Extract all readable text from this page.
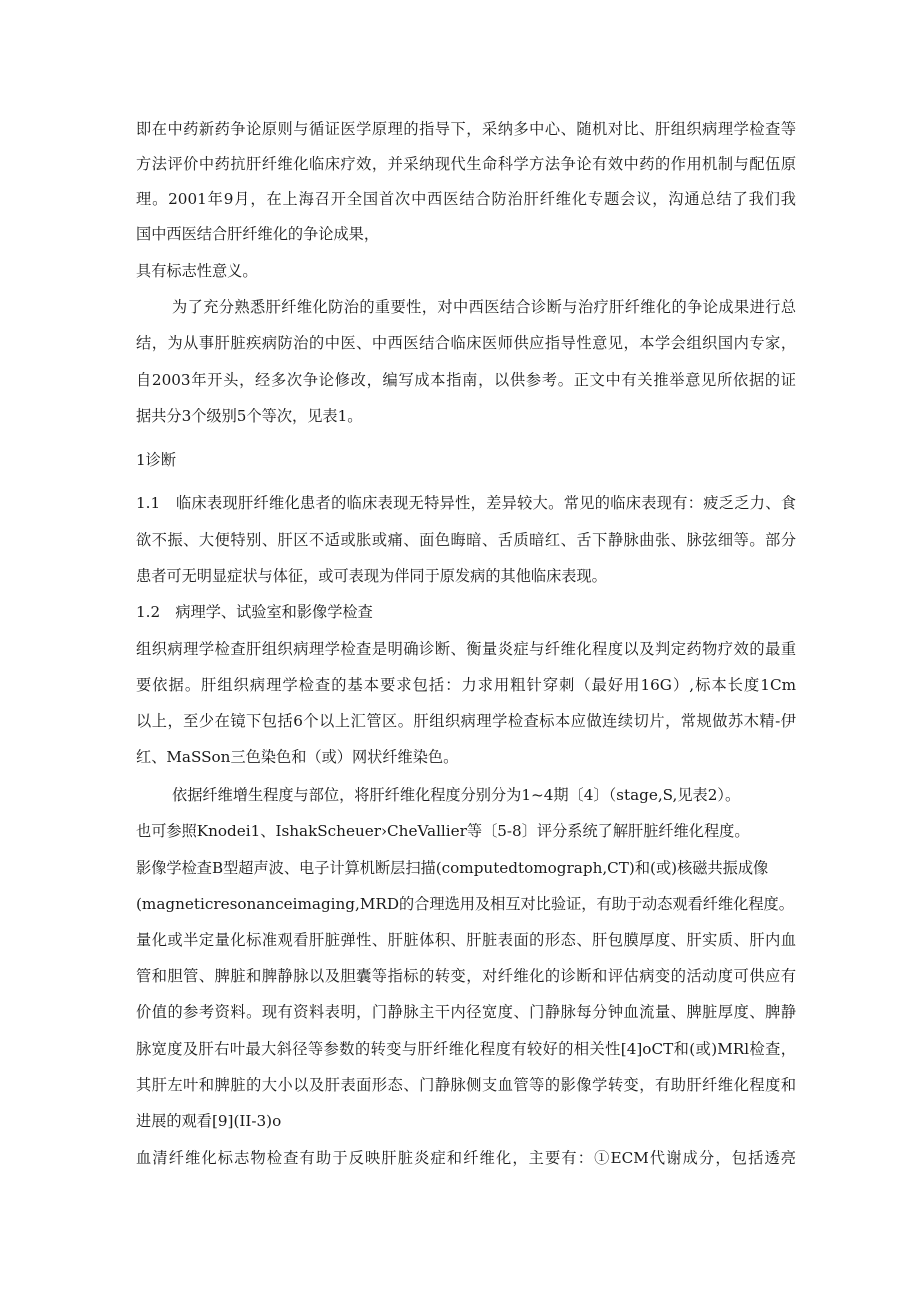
即在中药新药争论原则与循证医学原理的指导下，采纳多中心、随机对比、肝组织病理学检查等
方法评价中药抗肝纤维化临床疗效，并采纳现代生命科学方法争论有效中药的作用机制与配伍原
理。2001年9月，在上海召开全国首次中西医结合防治肝纤维化专题会议，沟通总结了我们我
国中西医结合肝纤维化的争论成果，
具有标志性意义。
为了充分熟悉肝纤维化防治的重要性，对中西医结合诊断与治疗肝纤维化的争论成果进行总
结，为从事肝脏疾病防治的中医、中西医结合临床医师供应指导性意见，本学会组织国内专家，
自2003年开头，经多次争论修改，编写成本指南，以供参考。正文中有关推举意见所依据的证
据共分3个级别5个等次，见表1。
1诊断
1.1　临床表现肝纤维化患者的临床表现无特异性，差异较大。常见的临床表现有：疲乏乏力、食
欲不振、大便特别、肝区不适或胀或痛、面色晦暗、舌质暗红、舌下静脉曲张、脉弦细等。部分
患者可无明显症状与体征，或可表现为伴同于原发病的其他临床表现。
1.2　病理学、试验室和影像学检查
组织病理学检查肝组织病理学检查是明确诊断、衡量炎症与纤维化程度以及判定药物疗效的最重
要依据。肝组织病理学检查的基本要求包括：力求用粗针穿刺（最好用16G）,标本长度1Cm
以上，至少在镜下包括6个以上汇管区。肝组织病理学检查标本应做连续切片，常规做苏木精-伊
红、MaSSon三色染色和（或）网状纤维染色。
依据纤维增生程度与部位，将肝纤维化程度分别分为1~4期〔4〕（stage,S,见表2）。
也可参照Knodei1、IshakScheuer›CheVallier等〔5-8〕评分系统了解肝脏纤维化程度。
影像学检查B型超声波、电子计算机断层扫描(computedtomograph,CT)和(或)核磁共振成像
(magneticresonanceimaging,MRD的合理选用及相互对比验证，有助于动态观看纤维化程度。
量化或半定量化标准观看肝脏弹性、肝脏体积、肝脏表面的形态、肝包膜厚度、肝实质、肝内血
管和胆管、脾脏和脾静脉以及胆囊等指标的转变，对纤维化的诊断和评估病变的活动度可供应有
价值的参考资料。现有资料表明，门静脉主干内径宽度、门静脉每分钟血流量、脾脏厚度、脾静
脉宽度及肝右叶最大斜径等参数的转变与肝纤维化程度有较好的相关性[4]oCT和(或)MRl检查，
其肝左叶和脾脏的大小以及肝表面形态、门静脉侧支血管等的影像学转变，有助肝纤维化程度和
进展的观看[9](II-3)o
血清纤维化标志物检查有助于反映肝脏炎症和纤维化，主要有：①ECM代谢成分，包括透亮
